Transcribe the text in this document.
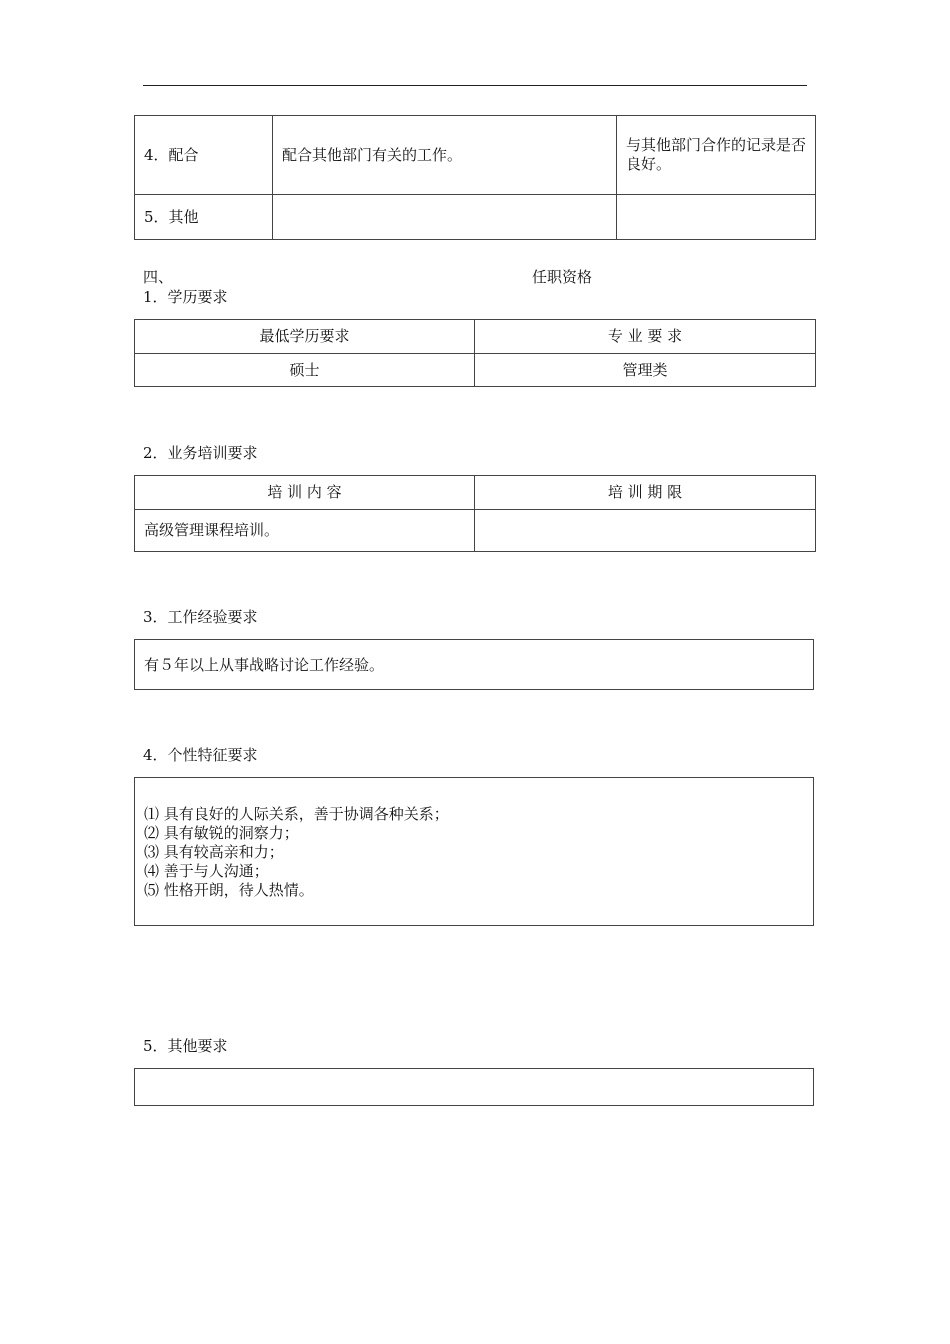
4．配合	配合其他部门有关的工作。	与其他部门合作的记录是否良好。
5．其他		
四、	任职资格
1．学历要求
最低学历要求	专 业 要 求
硕士	管理类
2．业务培训要求
培 训 内 容	培 训 期 限
高级管理课程培训。	
3．工作经验要求
有５年以上从事战略讨论工作经验。
4．个性特征要求
⑴ 具有良好的人际关系，善于协调各种关系；
⑵ 具有敏锐的洞察力；
⑶ 具有较高亲和力；
⑷ 善于与人沟通；
⑸ 性格开朗，待人热情。
5．其他要求
